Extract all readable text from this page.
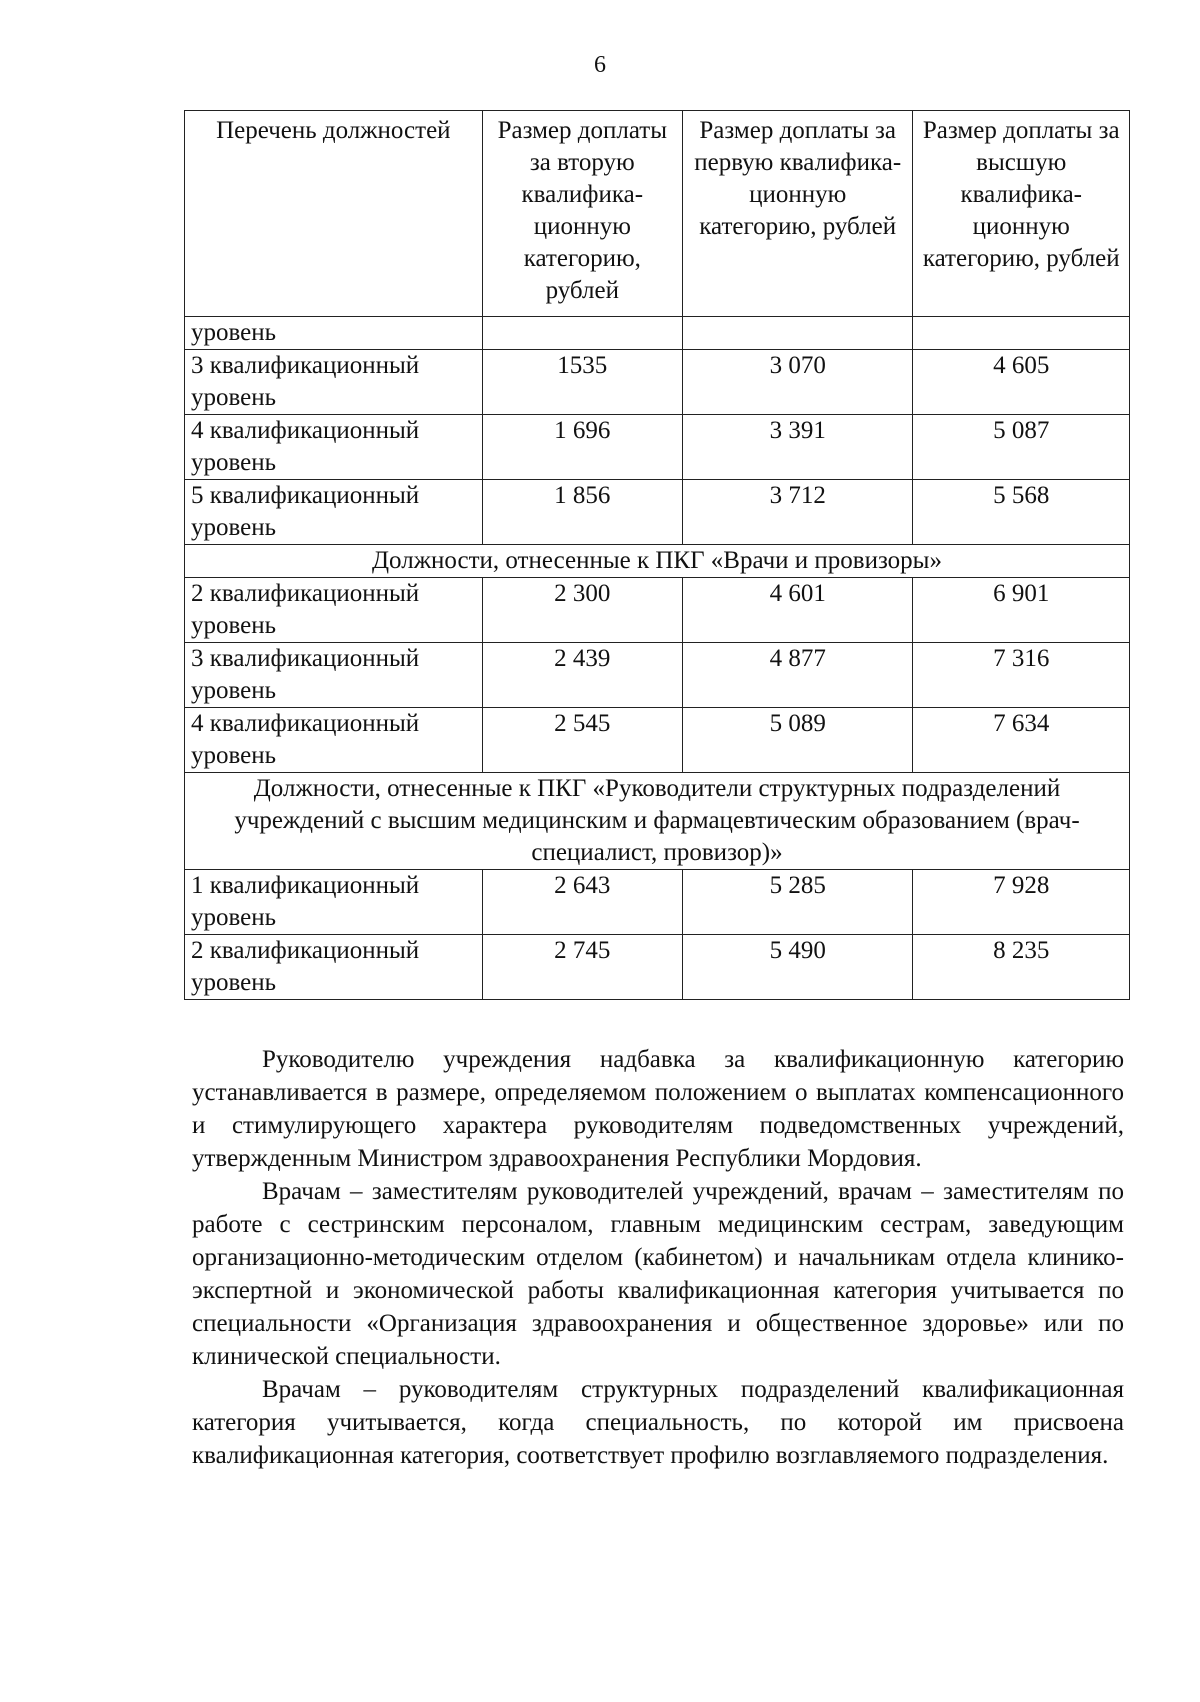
6
Перечень должностей	Размер доплаты за вторую квалифика-ционную категорию, рублей	Размер доплаты за первую квалифика-ционную категорию, рублей	Размер доплаты за высшую квалифика-ционную категорию, рублей
уровень			
3 квалификационный уровень	1535	3 070	4 605
4 квалификационный уровень	1 696	3 391	5 087
5 квалификационный уровень	1 856	3 712	5 568
Должности, отнесенные к ПКГ «Врачи и провизоры»			
2 квалификационный уровень	2 300	4 601	6 901
3 квалификационный уровень	2 439	4 877	7 316
4 квалификационный уровень	2 545	5 089	7 634
Должности, отнесенные к ПКГ «Руководители структурных подразделений учреждений с высшим медицинским и фармацевтическим образованием (врач-специалист, провизор)»			
1 квалификационный уровень	2 643	5 285	7 928
2 квалификационный уровень	2 745	5 490	8 235

Руководителю учреждения надбавка за квалификационную категорию устанавливается в размере, определяемом положением о выплатах компенсационного и стимулирующего характера руководителям подведомственных учреждений, утвержденным Министром здравоохранения Республики Мордовия.

Врачам – заместителям руководителей учреждений, врачам – заместителям по работе с сестринским персоналом, главным медицинским сестрам, заведующим организационно-методическим отделом (кабинетом) и начальникам отдела клинико-экспертной и экономической работы квалификационная категория учитывается по специальности «Организация здравоохранения и общественное здоровье» или по клинической специальности.

Врачам – руководителям структурных подразделений квалификационная категория учитывается, когда специальность, по которой им присвоена квалификационная категория, соответствует профилю возглавляемого подразделения.
